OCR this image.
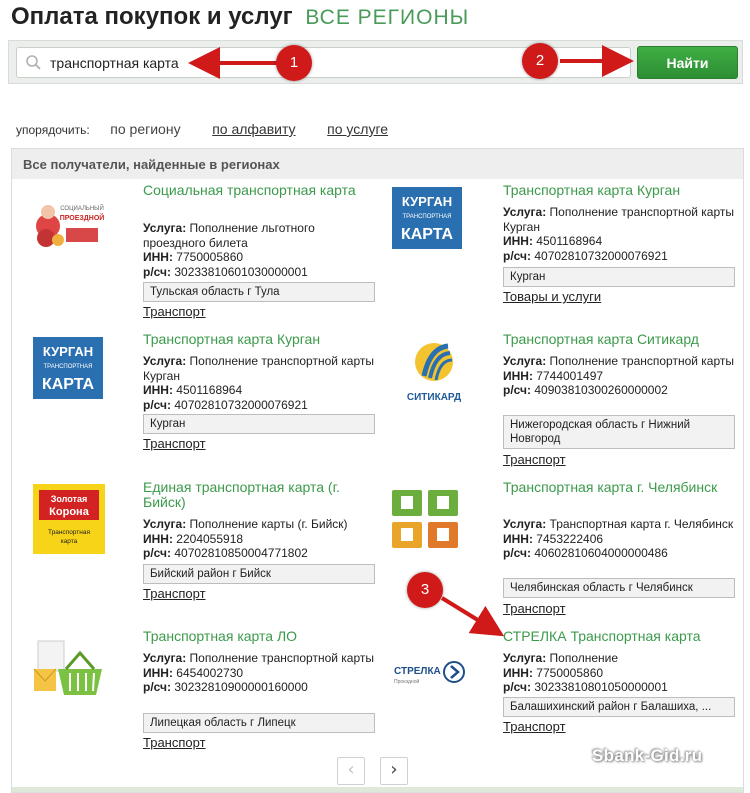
Оплата покупок и услуг ВСЕ РЕГИОНЫ
транспортная карта
Найти
упорядочить: по региону по алфавиту по услуге
Все получатели, найденные в регионах
СОЦИАЛЬНЫЙ
ПРОЕЗДНОЙ
Социальная транспортная карта
Услуга: Пополнение льготного проездного билета
ИНН: 7750005860
р/сч: 30233810601030000001
Тульская область г Тула
Транспорт
КУРГАН
ТРАНСПОРТНАЯ
КАРТА
Транспортная карта Курган
Услуга: Пополнение транспортной карты Курган
ИНН: 4501168964
р/сч: 40702810732000076921
Курган
Товары и услуги
КУРГАН
ТРАНСПОРТНАЯ
КАРТА
Транспортная карта Курган
Услуга: Пополнение транспортной карты Курган
ИНН: 4501168964
р/сч: 40702810732000076921
Курган
Транспорт
СИТИКАРД
Транспортная карта Ситикард
Услуга: Пополнение транспортной карты
ИНН: 7744001497
р/сч: 40903810300260000002
Нижегородская область г Нижний Новгород
Транспорт
Золотая
Корона
Транспортная
карта
Единая транспортная карта (г. Бийск)
Услуга: Пополнение карты (г. Бийск)
ИНН: 2204055918
р/сч: 40702810850004771802
Бийский район г Бийск
Транспорт
Транспортная карта г. Челябинск
Услуга: Транспортная карта г. Челябинск
ИНН: 7453222406
р/сч: 40602810604000000486
Челябинская область г Челябинск
Транспорт
Транспортная карта ЛО
Услуга: Пополнение транспортной карты
ИНН: 6454002730
р/сч: 30232810900000160000
Липецкая область г Липецк
Транспорт
СТРЕЛКА
Проездной
СТРЕЛКА Транспортная карта
Услуга: Пополнение
ИНН: 7750005860
р/сч: 30233810801050000001
Балашихинский район г Балашиха, ...
Транспорт
‹	›
Sbank-Gid.ru
1	2
3
